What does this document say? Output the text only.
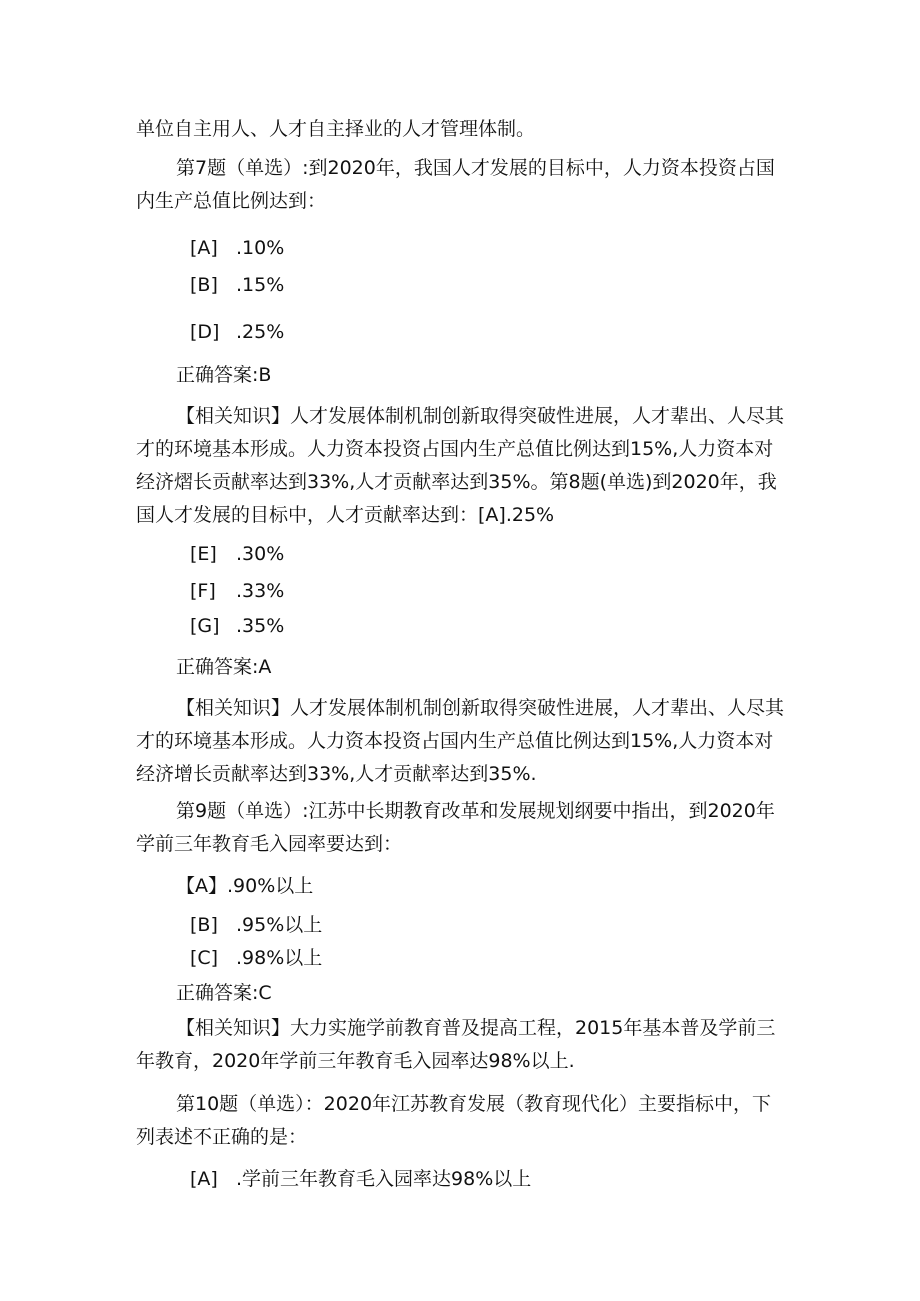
单位自主用人、人才自主择业的人才管理体制。
第7题（单选）:到2020年，我国人才发展的目标中，人力资本投资占国内生产总值比例达到：
[A] .10%
[B] .15%
[D] .25%
正确答案:B
【相关知识】人才发展体制机制创新取得突破性进展，人才辈出、人尽其才的环境基本形成。人力资本投资占国内生产总值比例达到15%,人力资本对经济熠长贡献率达到33%,人才贡献率达到35%。第8题(单选)到2020年，我国人才发展的目标中，人才贡献率达到：[A].25%
[E] .30%
[F] .33%
[G] .35%
正确答案:A
【相关知识】人才发展体制机制创新取得突破性进展，人才辈出、人尽其才的环境基本形成。人力资本投资占国内生产总值比例达到15%,人力资本对经济增长贡献率达到33%,人才贡献率达到35%.
第9题（单选）:江苏中长期教育改革和发展规划纲要中指出，到2020年学前三年教育毛入园率要达到：
【A】.90%以上
[B] .95%以上
[C] .98%以上
正确答案:C
【相关知识】大力实施学前教育普及提高工程，2015年基本普及学前三年教育，2020年学前三年教育毛入园率达98%以上.
第10题（单选）：2020年江苏教育发展（教育现代化）主要指标中，下列表述不正确的是：
[A] .学前三年教育毛入园率达98%以上
